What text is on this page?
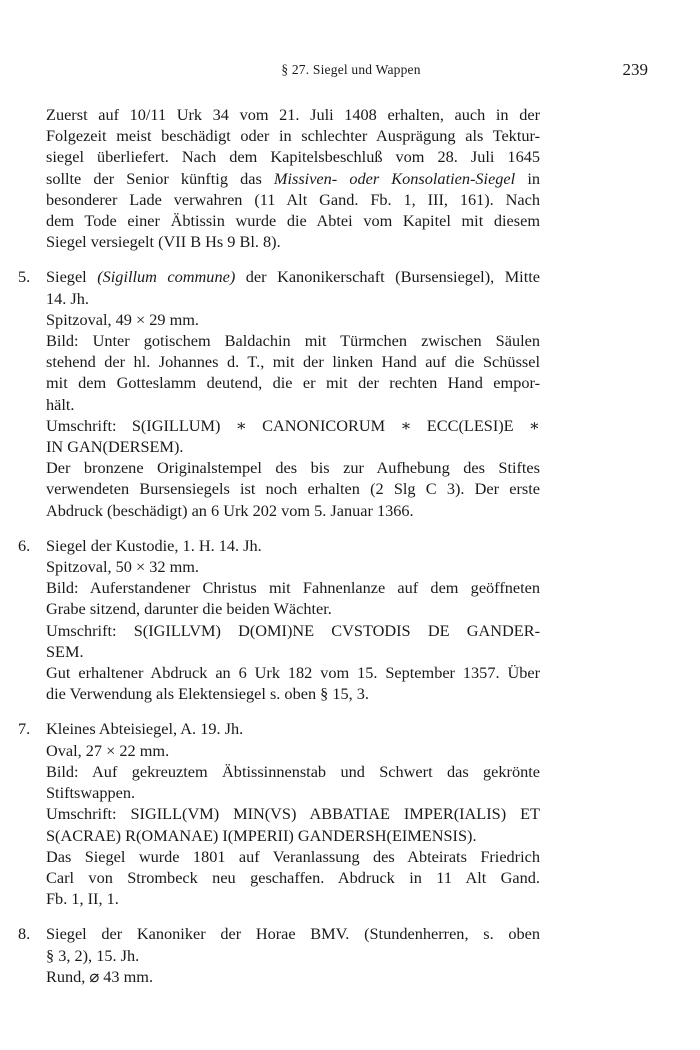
§ 27. Siegel und Wappen	239
Zuerst auf 10/11 Urk 34 vom 21. Juli 1408 erhalten, auch in der
Folgezeit meist beschädigt oder in schlechter Ausprägung als Tektur-
siegel überliefert. Nach dem Kapitelsbeschluß vom 28. Juli 1645
sollte der Senior künftig das Missiven- oder Konsolatien-Siegel in
besonderer Lade verwahren (11 Alt Gand. Fb. 1, III, 161). Nach
dem Tode einer Äbtissin wurde die Abtei vom Kapitel mit diesem
Siegel versiegelt (VII B Hs 9 Bl. 8).
5. Siegel (Sigillum commune) der Kanonikerschaft (Bursensiegel), Mitte
14. Jh.
Spitzoval, 49 × 29 mm.
Bild: Unter gotischem Baldachin mit Türmchen zwischen Säulen
stehend der hl. Johannes d. T., mit der linken Hand auf die Schüssel
mit dem Gotteslamm deutend, die er mit der rechten Hand empor-
hält.
Umschrift: S(IGILLUM) ∗ CANONICORUM ∗ ECC(LESI)E ∗
IN GAN(DERSEM).
Der bronzene Originalstempel des bis zur Aufhebung des Stiftes
verwendeten Bursensiegels ist noch erhalten (2 Slg C 3). Der erste
Abdruck (beschädigt) an 6 Urk 202 vom 5. Januar 1366.
6. Siegel der Kustodie, 1. H. 14. Jh.
Spitzoval, 50 × 32 mm.
Bild: Auferstandener Christus mit Fahnenlanze auf dem geöffneten
Grabe sitzend, darunter die beiden Wächter.
Umschrift: S(IGILLVM) D(OMI)NE CVSTODIS DE GANDER-
SEM.
Gut erhaltener Abdruck an 6 Urk 182 vom 15. September 1357. Über
die Verwendung als Elektensiegel s. oben § 15, 3.
7. Kleines Abteisiegel, A. 19. Jh.
Oval, 27 × 22 mm.
Bild: Auf gekreuztem Äbtissinnenstab und Schwert das gekrönte
Stiftswappen.
Umschrift: SIGILL(VM) MIN(VS) ABBATIAE IMPER(IALIS) ET
S(ACRAE) R(OMANAE) I(MPERII) GANDERSH(EIMENSIS).
Das Siegel wurde 1801 auf Veranlassung des Abteirats Friedrich
Carl von Strombeck neu geschaffen. Abdruck in 11 Alt Gand.
Fb. 1, II, 1.
8. Siegel der Kanoniker der Horae BMV. (Stundenherren, s. oben
§ 3, 2), 15. Jh.
Rund, ⌀ 43 mm.
